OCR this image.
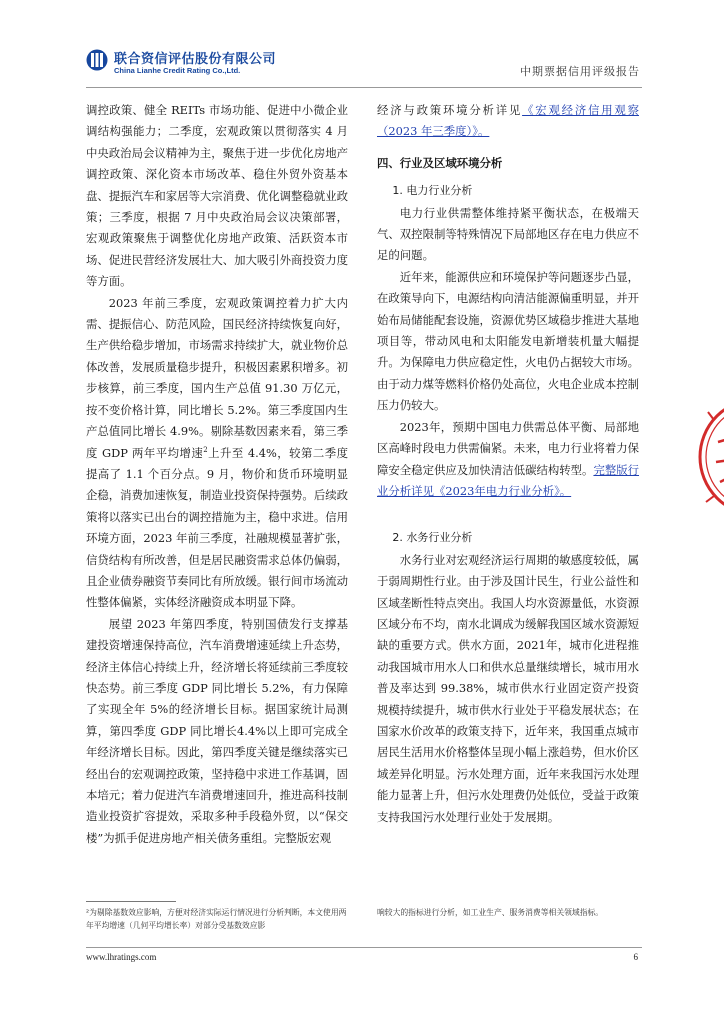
联合资信评估股份有限公司
China Lianhe Credit Rating Co.,Ltd.	中期票据信用评级报告

调控政策、健全 REITs 市场功能、促进中小微企业调结构强能力；二季度，宏观政策以贯彻落实 4 月中央政治局会议精神为主，聚焦于进一步优化房地产调控政策、深化资本市场改革、稳住外贸外资基本盘、提振汽车和家居等大宗消费、优化调整稳就业政策；三季度，根据 7 月中央政治局会议决策部署，宏观政策聚焦于调整优化房地产政策、活跃资本市场、促进民营经济发展壮大、加大吸引外商投资力度等方面。

2023 年前三季度，宏观政策调控着力扩大内需、提振信心、防范风险，国民经济持续恢复向好，生产供给稳步增加，市场需求持续扩大，就业物价总体改善，发展质量稳步提升，积极因素累积增多。初步核算，前三季度，国内生产总值 91.30 万亿元，按不变价格计算，同比增长 5.2%。第三季度国内生产总值同比增长 4.9%。剔除基数因素来看，第三季度 GDP 两年平均增速$^2$上升至 4.4%，较第二季度提高了 1.1 个百分点。9 月，物价和货币环境明显企稳，消费加速恢复，制造业投资保持强势。后续政策将以落实已出台的调控措施为主，稳中求进。信用环境方面，2023 年前三季度，社融规模显著扩张，信贷结构有所改善，但是居民融资需求总体仍偏弱，且企业债券融资节奏同比有所放缓。银行间市场流动性整体偏紧，实体经济融资成本明显下降。

展望 2023 年第四季度，特别国债发行支撑基建投资增速保持高位，汽车消费增速延续上升态势，经济主体信心持续上升，经济增长将延续前三季度较快态势。前三季度 GDP 同比增长 5.2%，有力保障了实现全年 5%的经济增长目标。据国家统计局测算，第四季度 GDP 同比增长4.4%以上即可完成全年经济增长目标。因此，第四季度关键是继续落实已经出台的宏观调控政策，坚持稳中求进工作基调，固本培元；着力促进汽车消费增速回升，推进高科技制造业投资扩容提效，采取多种手段稳外贸，以“保交楼”为抓手促进房地产相关债务重组。完整版宏观

经济与政策环境分析详见《宏观经济信用观察（2023 年三季度）》。

四、行业及区域环境分析
1. 电力行业分析

电力行业供需整体维持紧平衡状态，在极端天气、双控限制等特殊情况下局部地区存在电力供应不足的问题。

近年来，能源供应和环境保护等问题逐步凸显，在政策导向下，电源结构向清洁能源偏重明显，并开始布局储能配套设施，资源优势区域稳步推进大基地项目等，带动风电和太阳能发电新增装机量大幅提升。为保障电力供应稳定性，火电仍占据较大市场。由于动力煤等燃料价格仍处高位，火电企业成本控制压力仍较大。

2023年，预期中国电力供需总体平衡、局部地区高峰时段电力供需偏紧。未来，电力行业将着力保障安全稳定供应及加快清洁低碳结构转型。完整版行业分析详见《2023年电力行业分析》。

2. 水务行业分析

水务行业对宏观经济运行周期的敏感度较低，属于弱周期性行业。由于涉及国计民生，行业公益性和区域垄断性特点突出。我国人均水资源量低，水资源区域分布不均，南水北调成为缓解我国区域水资源短缺的重要方式。供水方面，2021年，城市化进程推动我国城市用水人口和供水总量继续增长，城市用水普及率达到 99.38%，城市供水行业固定资产投资规模持续提升，城市供水行业处于平稳发展状态；在国家水价改革的政策支持下，近年来，我国重点城市居民生活用水价格整体呈现小幅上涨趋势，但水价区域差异化明显。污水处理方面，近年来我国污水处理能力显著上升，但污水处理费仍处低位，受益于政策支持我国污水处理行业处于发展期。

²为剔除基数效应影响，方便对经济实际运行情况进行分析判断，本文使用两年平均增速（几何平均增长率）对部分受基数效应影
响较大的指标进行分析，如工业生产、服务消费等相关领域指标。
www.lhratings.com	6
